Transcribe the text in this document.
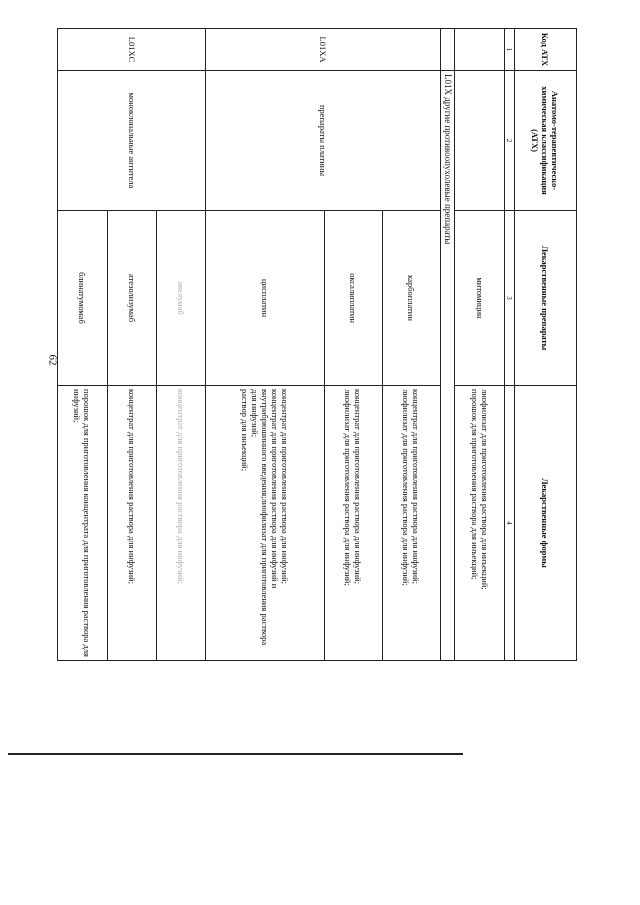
62
Код АТХ	Анатомо-терапевтическо-химическая классификация (АТХ)	Лекарственные препараты	Лекарственные формы
1	2	3	4
		митомицин	лиофилизат для приготовления раствора для инъекций;
порошок для приготовления раствора для инъекций;

	L01X другие противоопухолевые препараты		
L01XA	препараты платины	карбоплатин	концентрат для приготовления раствора для инфузий;
лиофилизат для приготовления раствора для инфузий;

		оксалиплатин	концентрат для приготовления раствора для инфузий;
лиофилизат для приготовления раствора для инфузий;

		цисплатин	концентрат для приготовления раствора для инфузий;
концентрат для приготовления раствора для инфузий и внутрибрюшинного введения;лиофилизат для приготовления раствора для инфузий;
раствор для инъекций;

L01XC	моноклональные антитела	авелумаб	концентрат для приготовления раствора для инфузий;

		атезолизумаб	концентрат для приготовления раствора для инфузий;

		блинатумомаб	порошок для приготовления концентрата для приготовления раствора для инфузий;
